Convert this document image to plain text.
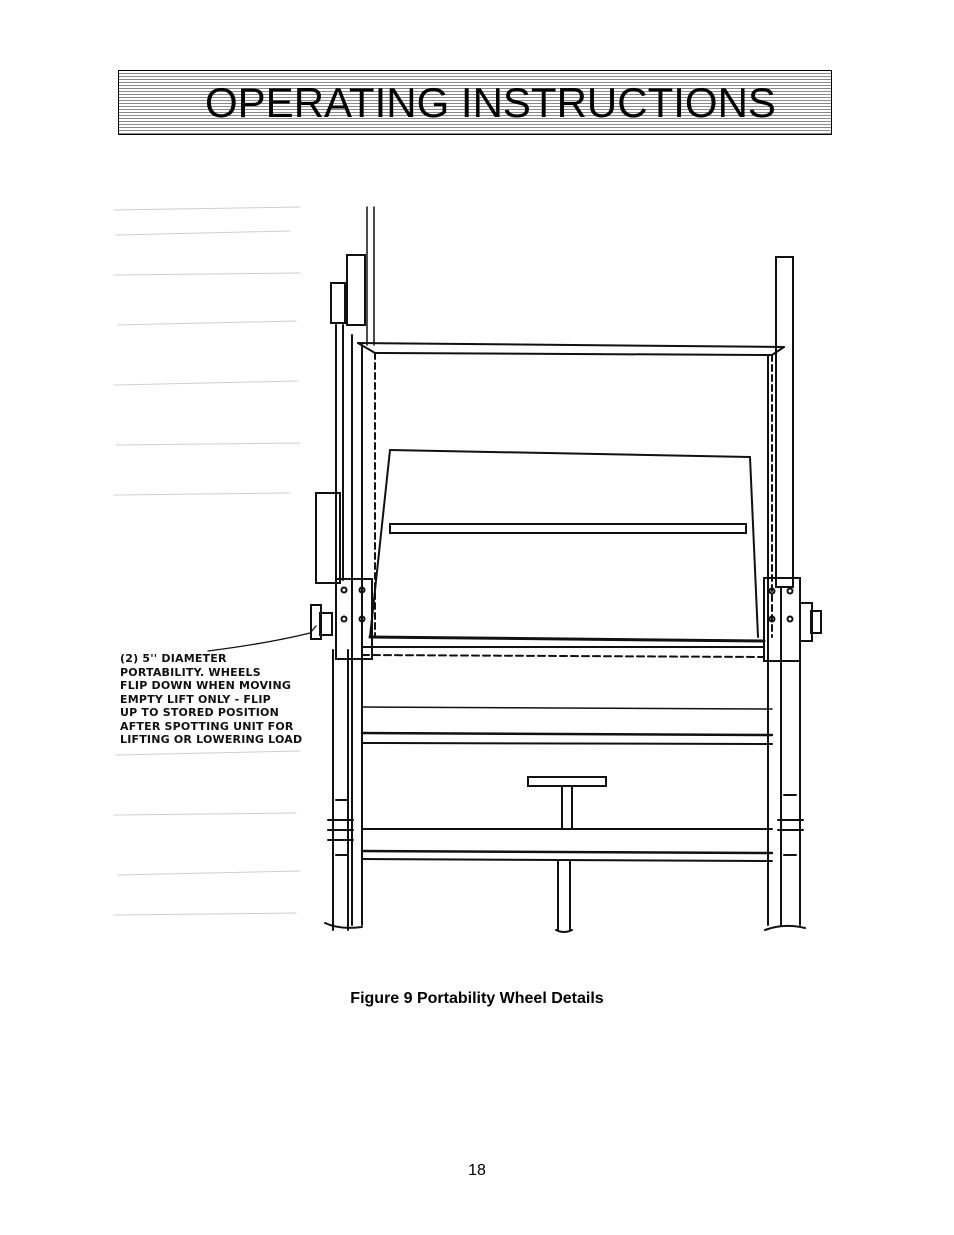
OPERATING INSTRUCTIONS
(2) 5'' DIAMETER
PORTABILITY. WHEELS
FLIP DOWN WHEN MOVING
EMPTY LIFT ONLY - FLIP
UP TO STORED POSITION
AFTER SPOTTING UNIT FOR
LIFTING OR LOWERING LOAD
Figure 9 Portability Wheel Details
18
